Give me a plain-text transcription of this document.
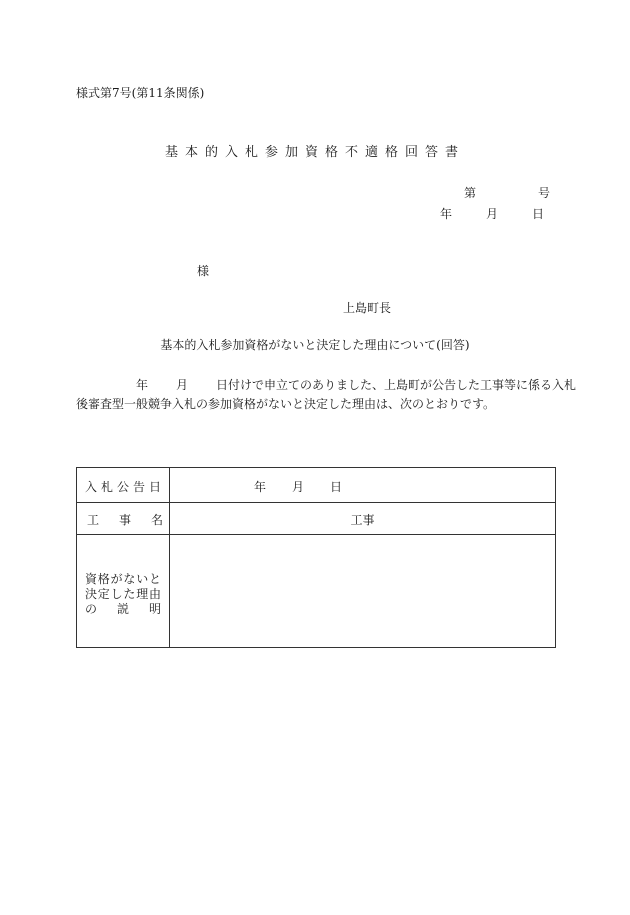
様式第7号(第11条関係)
基本的入札参加資格不適格回答書
第	号
年	月	日
様
上島町長
基本的入札参加資格がないと決定した理由について(回答)
年 月 日付けで申立てのありました、上島町が公告した工事等に係る入札
後審査型一般競争入札の参加資格がないと決定した理由は、次のとおりです。
入 札 公 告 日	年 月 日
工 事 名	工事
資 格 が な い と
決 定 し た 理 由
の 説 明
